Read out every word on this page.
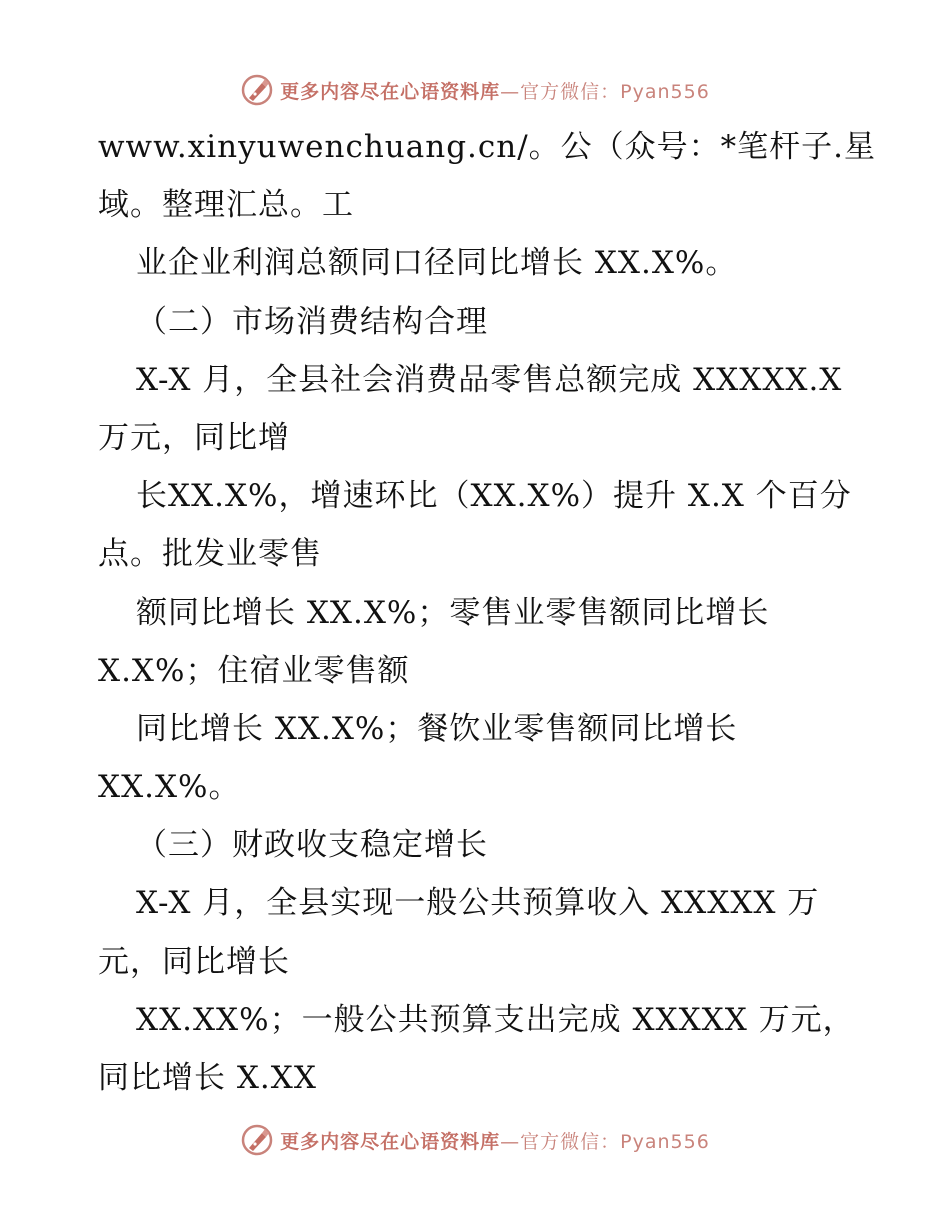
更多内容尽在心语资料库—官方微信：Pyan556
www.xinyuwenchuang.cn/。公（众号：*笔杆子.星
域。整理汇总。工
业企业利润总额同口径同比增长 XX.X%。
（二）市场消费结构合理
X-X 月，全县社会消费品零售总额完成 XXXXX.X
万元，同比增
长XX.X%，增速环比（XX.X%）提升 X.X 个百分
点。批发业零售
额同比增长 XX.X%；零售业零售额同比增长
X.X%；住宿业零售额
同比增长 XX.X%；餐饮业零售额同比增长
XX.X%。
（三）财政收支稳定增长
X-X 月，全县实现一般公共预算收入 XXXXX 万
元，同比增长
XX.XX%；一般公共预算支出完成 XXXXX 万元，
同比增长 X.XX
更多内容尽在心语资料库—官方微信：Pyan556
